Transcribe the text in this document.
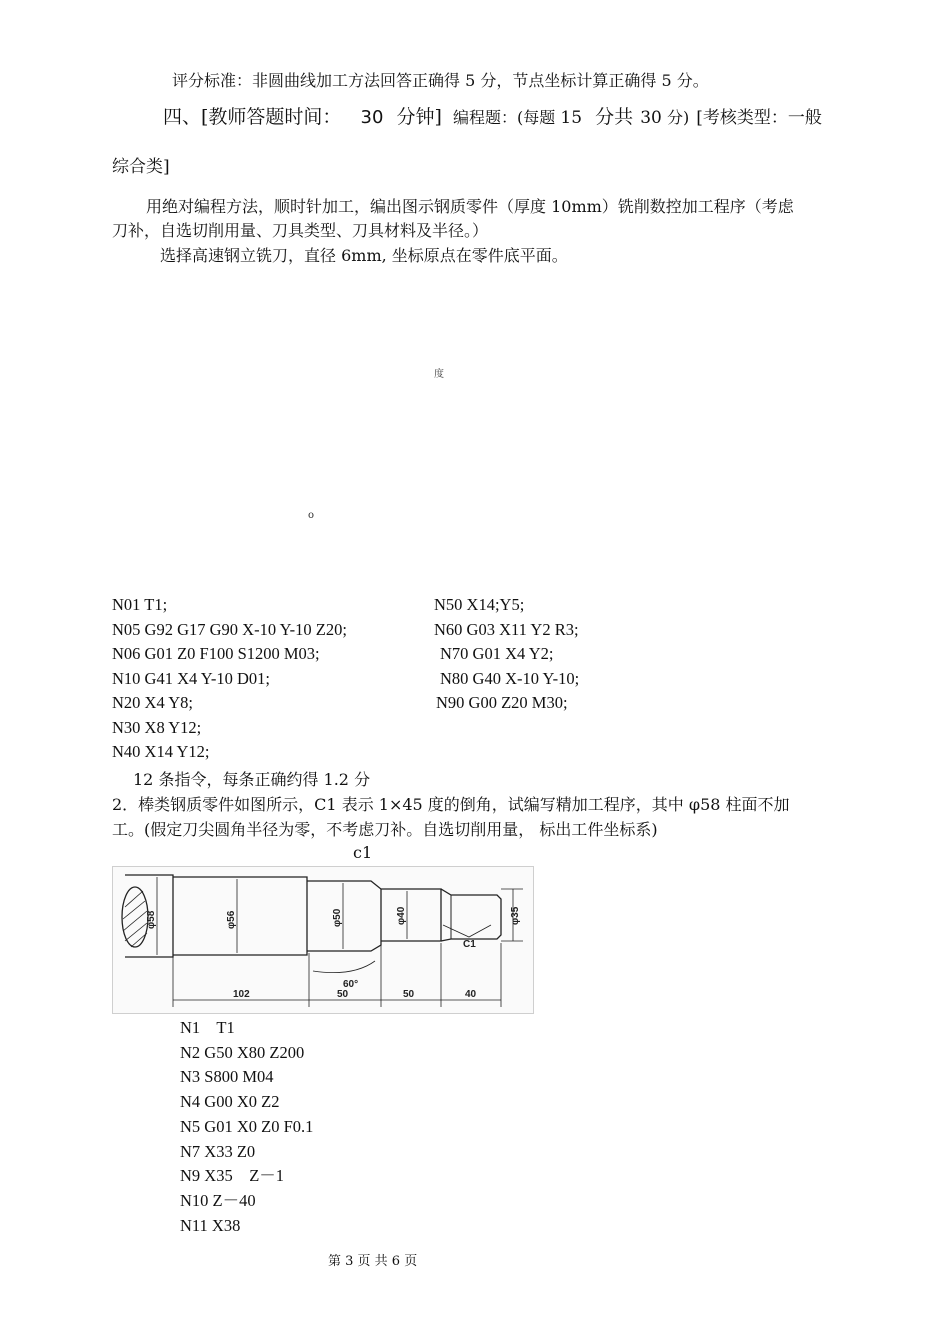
评分标准：非圆曲线加工方法回答正确得 5 分，节点坐标计算正确得 5 分。
四、[教师答题时间： 30 分钟] 编程题：(每题 15 分共 30 分) [考核类型：一般
综合类]
用绝对编程方法，顺时针加工，编出图示钢质零件（厚度 10mm）铣削数控加工程序（考虑
刀补，自选切削用量、刀具类型、刀具材料及半径。）
选择高速钢立铣刀，直径 6mm, 坐标原点在零件底平面。
度
o
N01 T1;
N05 G92 G17 G90 X-10 Y-10 Z20;
N06 G01 Z0 F100 S1200 M03;
N10 G41 X4 Y-10 D01;
N20 X4 Y8;
N30 X8 Y12;
N40 X14 Y12;
N50 X14;Y5;
N60 G03 X11 Y2 R3;
N70 G01 X4 Y2;
N80 G40 X-10 Y-10;
N90 G00 Z20 M30;
12 条指令，每条正确约得 1.2 分
2．棒类钢质零件如图所示，C1 表示 1×45 度的倒角，试编写精加工程序，其中 φ58 柱面不加
工。(假定刀尖圆角半径为零，不考虑刀补。自选切削用量， 标出工件坐标系)
c1
φ58	φ56	φ50	φ40	φ35
102	50	50	40
C1
60°
N1    T1
N2 G50 X80 Z200
N3 S800 M04
N4 G00 X0 Z2
N5 G01 X0 Z0 F0.1
N7 X33 Z0
N9 X35    Z－1
N10 Z－40
N11 X38
第 3 页 共 6 页
